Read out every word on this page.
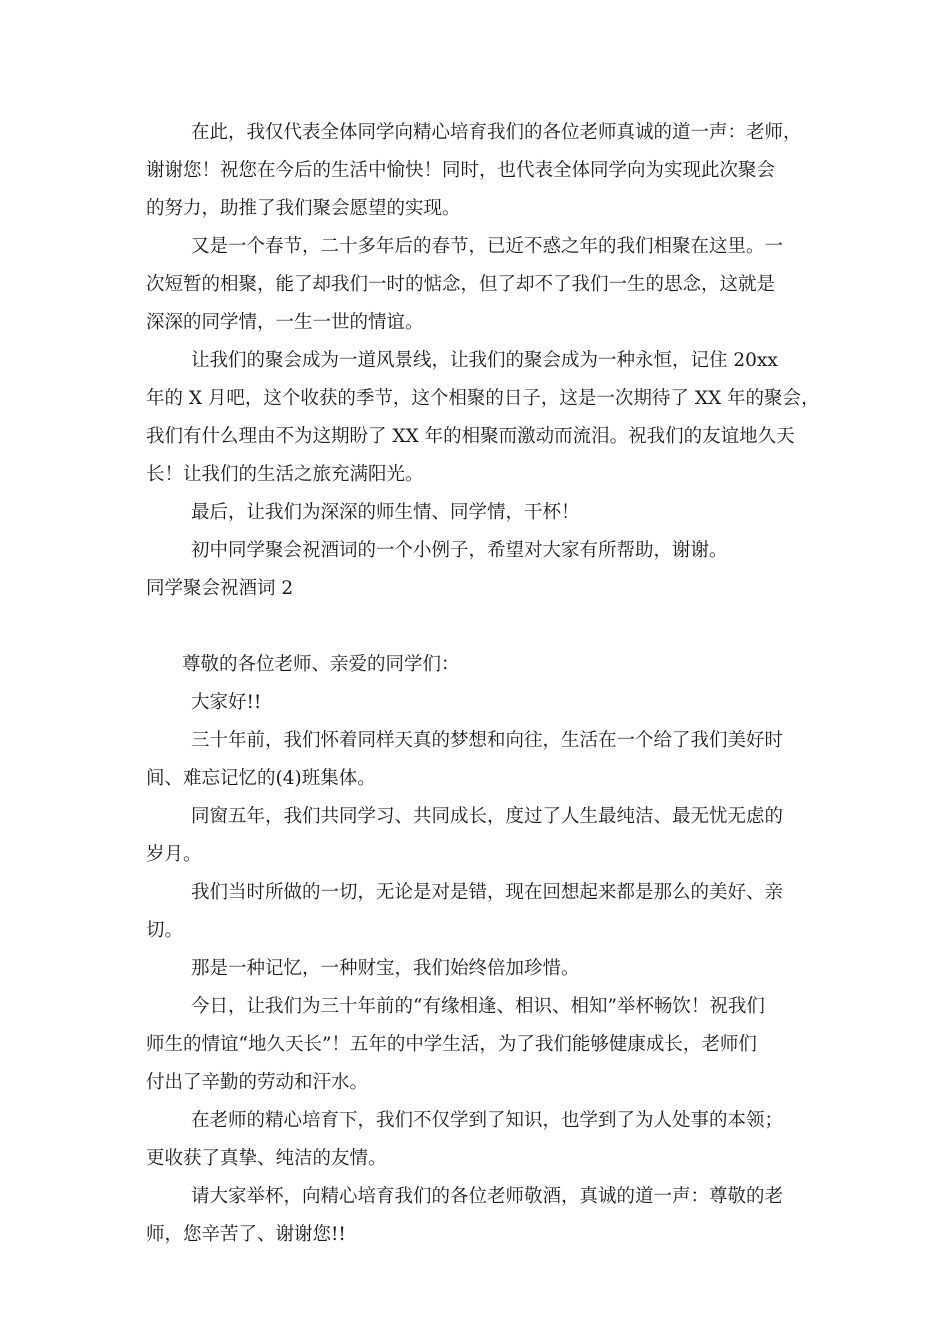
在此，我仅代表全体同学向精心培育我们的各位老师真诚的道一声：老师，
谢谢您！祝您在今后的生活中愉快！同时，也代表全体同学向为实现此次聚会
的努力，助推了我们聚会愿望的实现。
又是一个春节，二十多年后的春节，已近不惑之年的我们相聚在这里。一
次短暂的相聚，能了却我们一时的惦念，但了却不了我们一生的思念，这就是
深深的同学情，一生一世的情谊。
让我们的聚会成为一道风景线，让我们的聚会成为一种永恒，记住 20xx
年的 X 月吧，这个收获的季节，这个相聚的日子，这是一次期待了 XX 年的聚会，
我们有什么理由不为这期盼了 XX 年的相聚而激动而流泪。祝我们的友谊地久天
长！让我们的生活之旅充满阳光。
最后，让我们为深深的师生情、同学情，干杯！
初中同学聚会祝酒词的一个小例子，希望对大家有所帮助，谢谢。
同学聚会祝酒词 2
尊敬的各位老师、亲爱的同学们：
大家好!!
三十年前，我们怀着同样天真的梦想和向往，生活在一个给了我们美好时
间、难忘记忆的(4)班集体。
同窗五年，我们共同学习、共同成长，度过了人生最纯洁、最无忧无虑的
岁月。
我们当时所做的一切，无论是对是错，现在回想起来都是那么的美好、亲
切。
那是一种记忆，一种财宝，我们始终倍加珍惜。
今日，让我们为三十年前的“有缘相逢、相识、相知”举杯畅饮！祝我们
师生的情谊“地久天长”！五年的中学生活，为了我们能够健康成长，老师们
付出了辛勤的劳动和汗水。
在老师的精心培育下，我们不仅学到了知识，也学到了为人处事的本领；
更收获了真挚、纯洁的友情。
请大家举杯，向精心培育我们的各位老师敬酒，真诚的道一声：尊敬的老
师，您辛苦了、谢谢您!!
